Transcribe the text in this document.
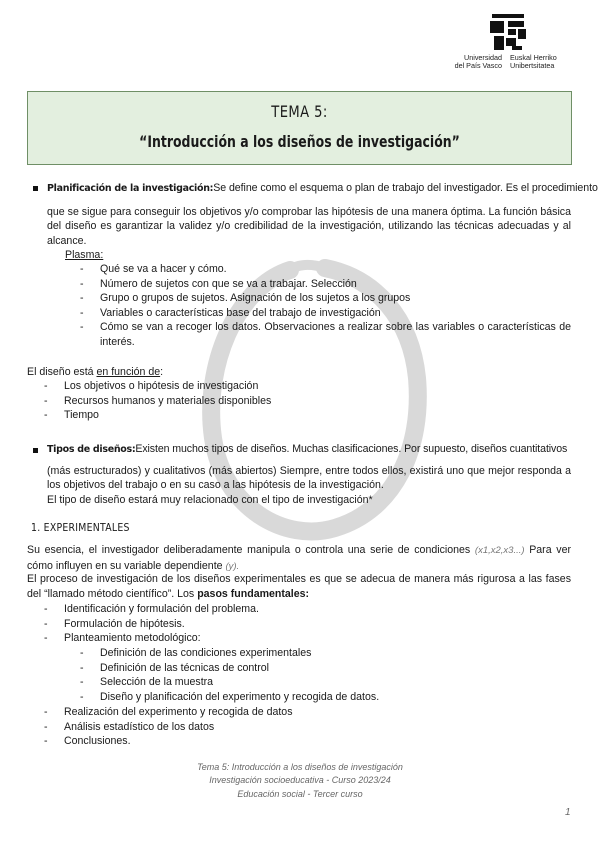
Universidad
del País Vasco
Euskal Herriko
Unibertsitatea
TEMA 5:
“Introducción a los diseños de investigación”
Planificación de la investigación:Se define como el esquema o plan de trabajo del investigador. Es el procedimiento
que se sigue para conseguir los objetivos y/o comprobar las hipótesis de una manera óptima. La función básica del diseño es garantizar la validez y/o credibilidad de la investigación, utilizando las técnicas adecuadas y al alcance.
Plasma:
- Qué se va a hacer y cómo.
- Número de sujetos con que se va a trabajar. Selección
- Grupo o grupos de sujetos. Asignación de los sujetos a los grupos
- Variables o características base del trabajo de investigación
- Cómo se van a recoger los datos. Observaciones a realizar sobre las variables o características de interés.
El diseño está en función de:
- Los objetivos o hipótesis de investigación
- Recursos humanos y materiales disponibles
- Tiempo
Tipos de diseños:Existen muchos tipos de diseños. Muchas clasificaciones. Por supuesto, diseños cuantitativos
(más estructurados) y cualitativos (más abiertos) Siempre, entre todos ellos, existirá uno que mejor responda a los objetivos del trabajo o en su caso a las hipótesis de la investigación.
El tipo de diseño estará muy relacionado con el tipo de investigación*
1. EXPERIMENTALES
Su esencia, el investigador deliberadamente manipula o controla una serie de condiciones (x1,x2,x3...) Para ver cómo influyen en su variable dependiente (y).
El proceso de investigación de los diseños experimentales es que se adecua de manera más rigurosa a las fases del “llamado método científico”. Los pasos fundamentales:
- Identificación y formulación del problema.
- Formulación de hipótesis.
- Planteamiento metodológico:
- Definición de las condiciones experimentales
- Definición de las técnicas de control
- Selección de la muestra
- Diseño y planificación del experimento y recogida de datos.
- Realización del experimento y recogida de datos
- Análisis estadístico de los datos
- Conclusiones.
Tema 5: Introducción a los diseños de investigación
Investigación socioeducativa - Curso 2023/24
Educación social - Tercer curso
1
